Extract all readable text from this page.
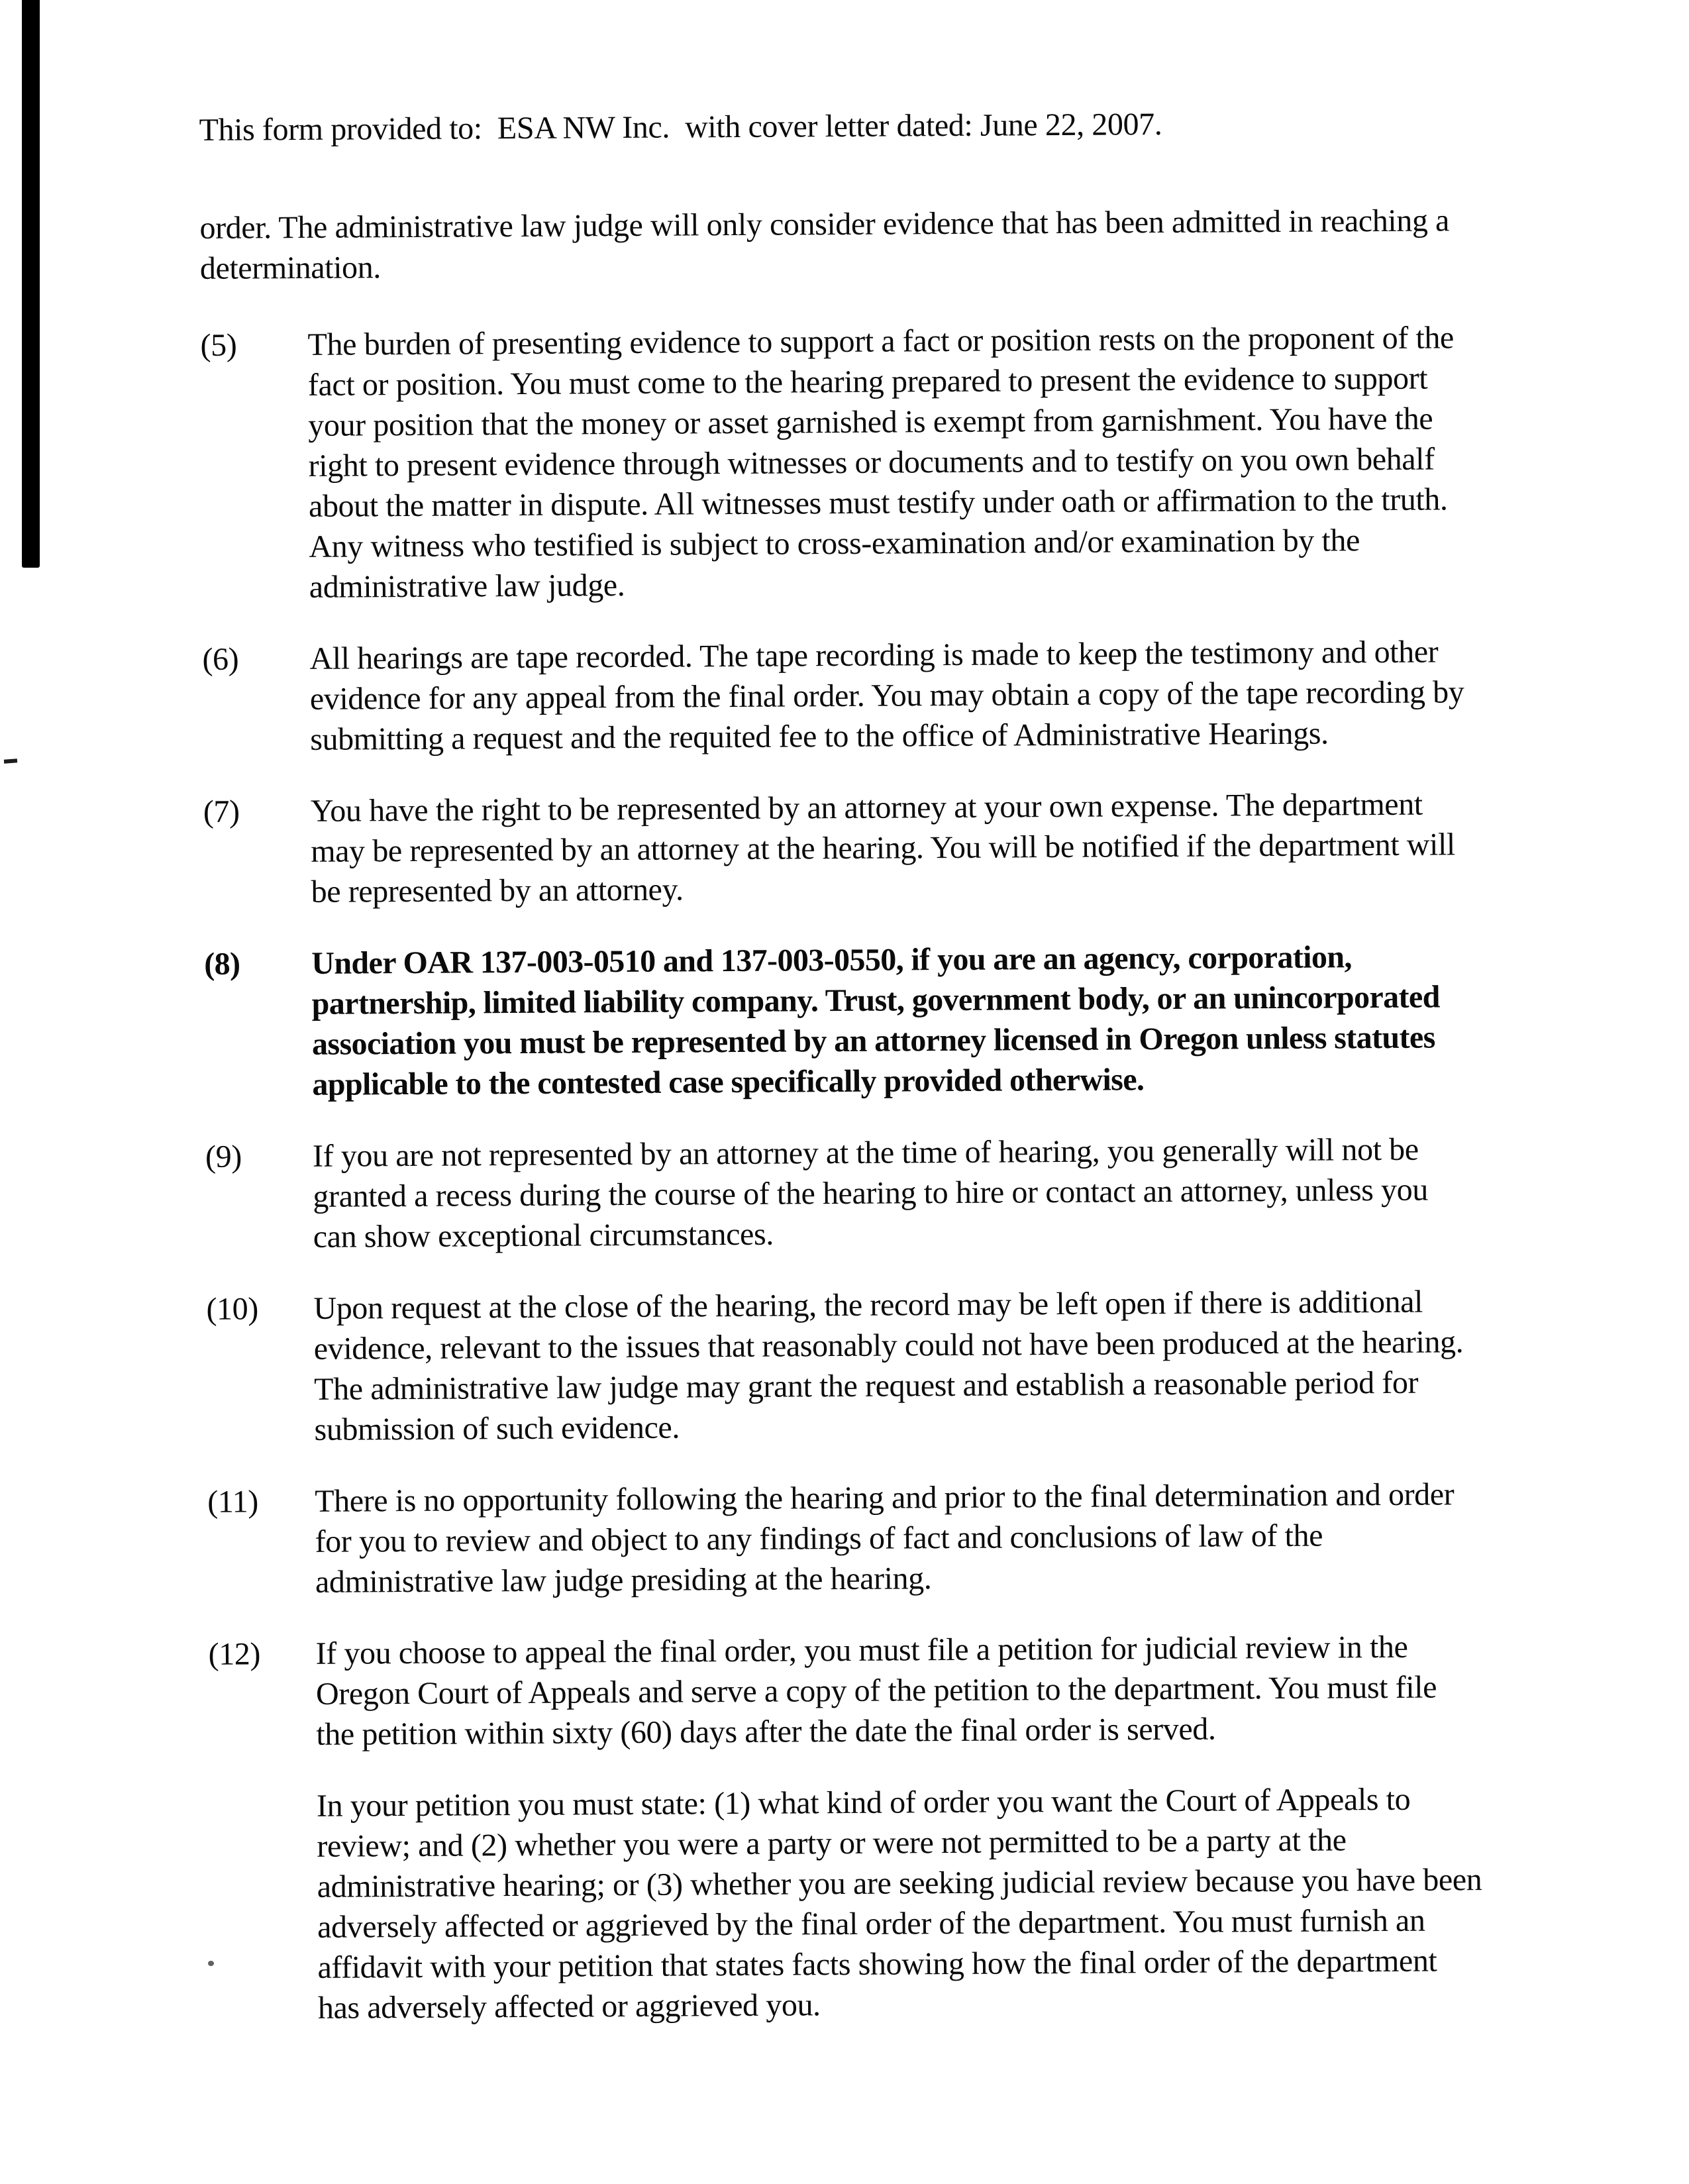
This form provided to:  ESA NW Inc.  with cover letter dated: June 22, 2007.
order. The administrative law judge will only consider evidence that has been admitted in reaching a
determination.
(5)	The burden of presenting evidence to support a fact or position rests on the proponent of the
fact or position. You must come to the hearing prepared to present the evidence to support
your position that the money or asset garnished is exempt from garnishment. You have the
right to present evidence through witnesses or documents and to testify on you own behalf
about the matter in dispute. All witnesses must testify under oath or affirmation to the truth.
Any witness who testified is subject to cross-examination and/or examination by the
administrative law judge.
(6)	All hearings are tape recorded. The tape recording is made to keep the testimony and other
evidence for any appeal from the final order. You may obtain a copy of the tape recording by
submitting a request and the requited fee to the office of Administrative Hearings.
(7)	You have the right to be represented by an attorney at your own expense. The department
may be represented by an attorney at the hearing. You will be notified if the department will
be represented by an attorney.
(8)	Under OAR 137-003-0510 and 137-003-0550, if you are an agency, corporation,
partnership, limited liability company. Trust, government body, or an unincorporated
association you must be represented by an attorney licensed in Oregon unless statutes
applicable to the contested case specifically provided otherwise.
(9)	If you are not represented by an attorney at the time of hearing, you generally will not be
granted a recess during the course of the hearing to hire or contact an attorney, unless you
can show exceptional circumstances.
(10)	Upon request at the close of the hearing, the record may be left open if there is additional
evidence, relevant to the issues that reasonably could not have been produced at the hearing.
The administrative law judge may grant the request and establish a reasonable period for
submission of such evidence.
(11)	There is no opportunity following the hearing and prior to the final determination and order
for you to review and object to any findings of fact and conclusions of law of the
administrative law judge presiding at the hearing.
(12)	If you choose to appeal the final order, you must file a petition for judicial review in the
Oregon Court of Appeals and serve a copy of the petition to the department. You must file
the petition within sixty (60) days after the date the final order is served.
In your petition you must state: (1) what kind of order you want the Court of Appeals to
review; and (2) whether you were a party or were not permitted to be a party at the
administrative hearing; or (3) whether you are seeking judicial review because you have been
adversely affected or aggrieved by the final order of the department. You must furnish an
affidavit with your petition that states facts showing how the final order of the department
has adversely affected or aggrieved you.
